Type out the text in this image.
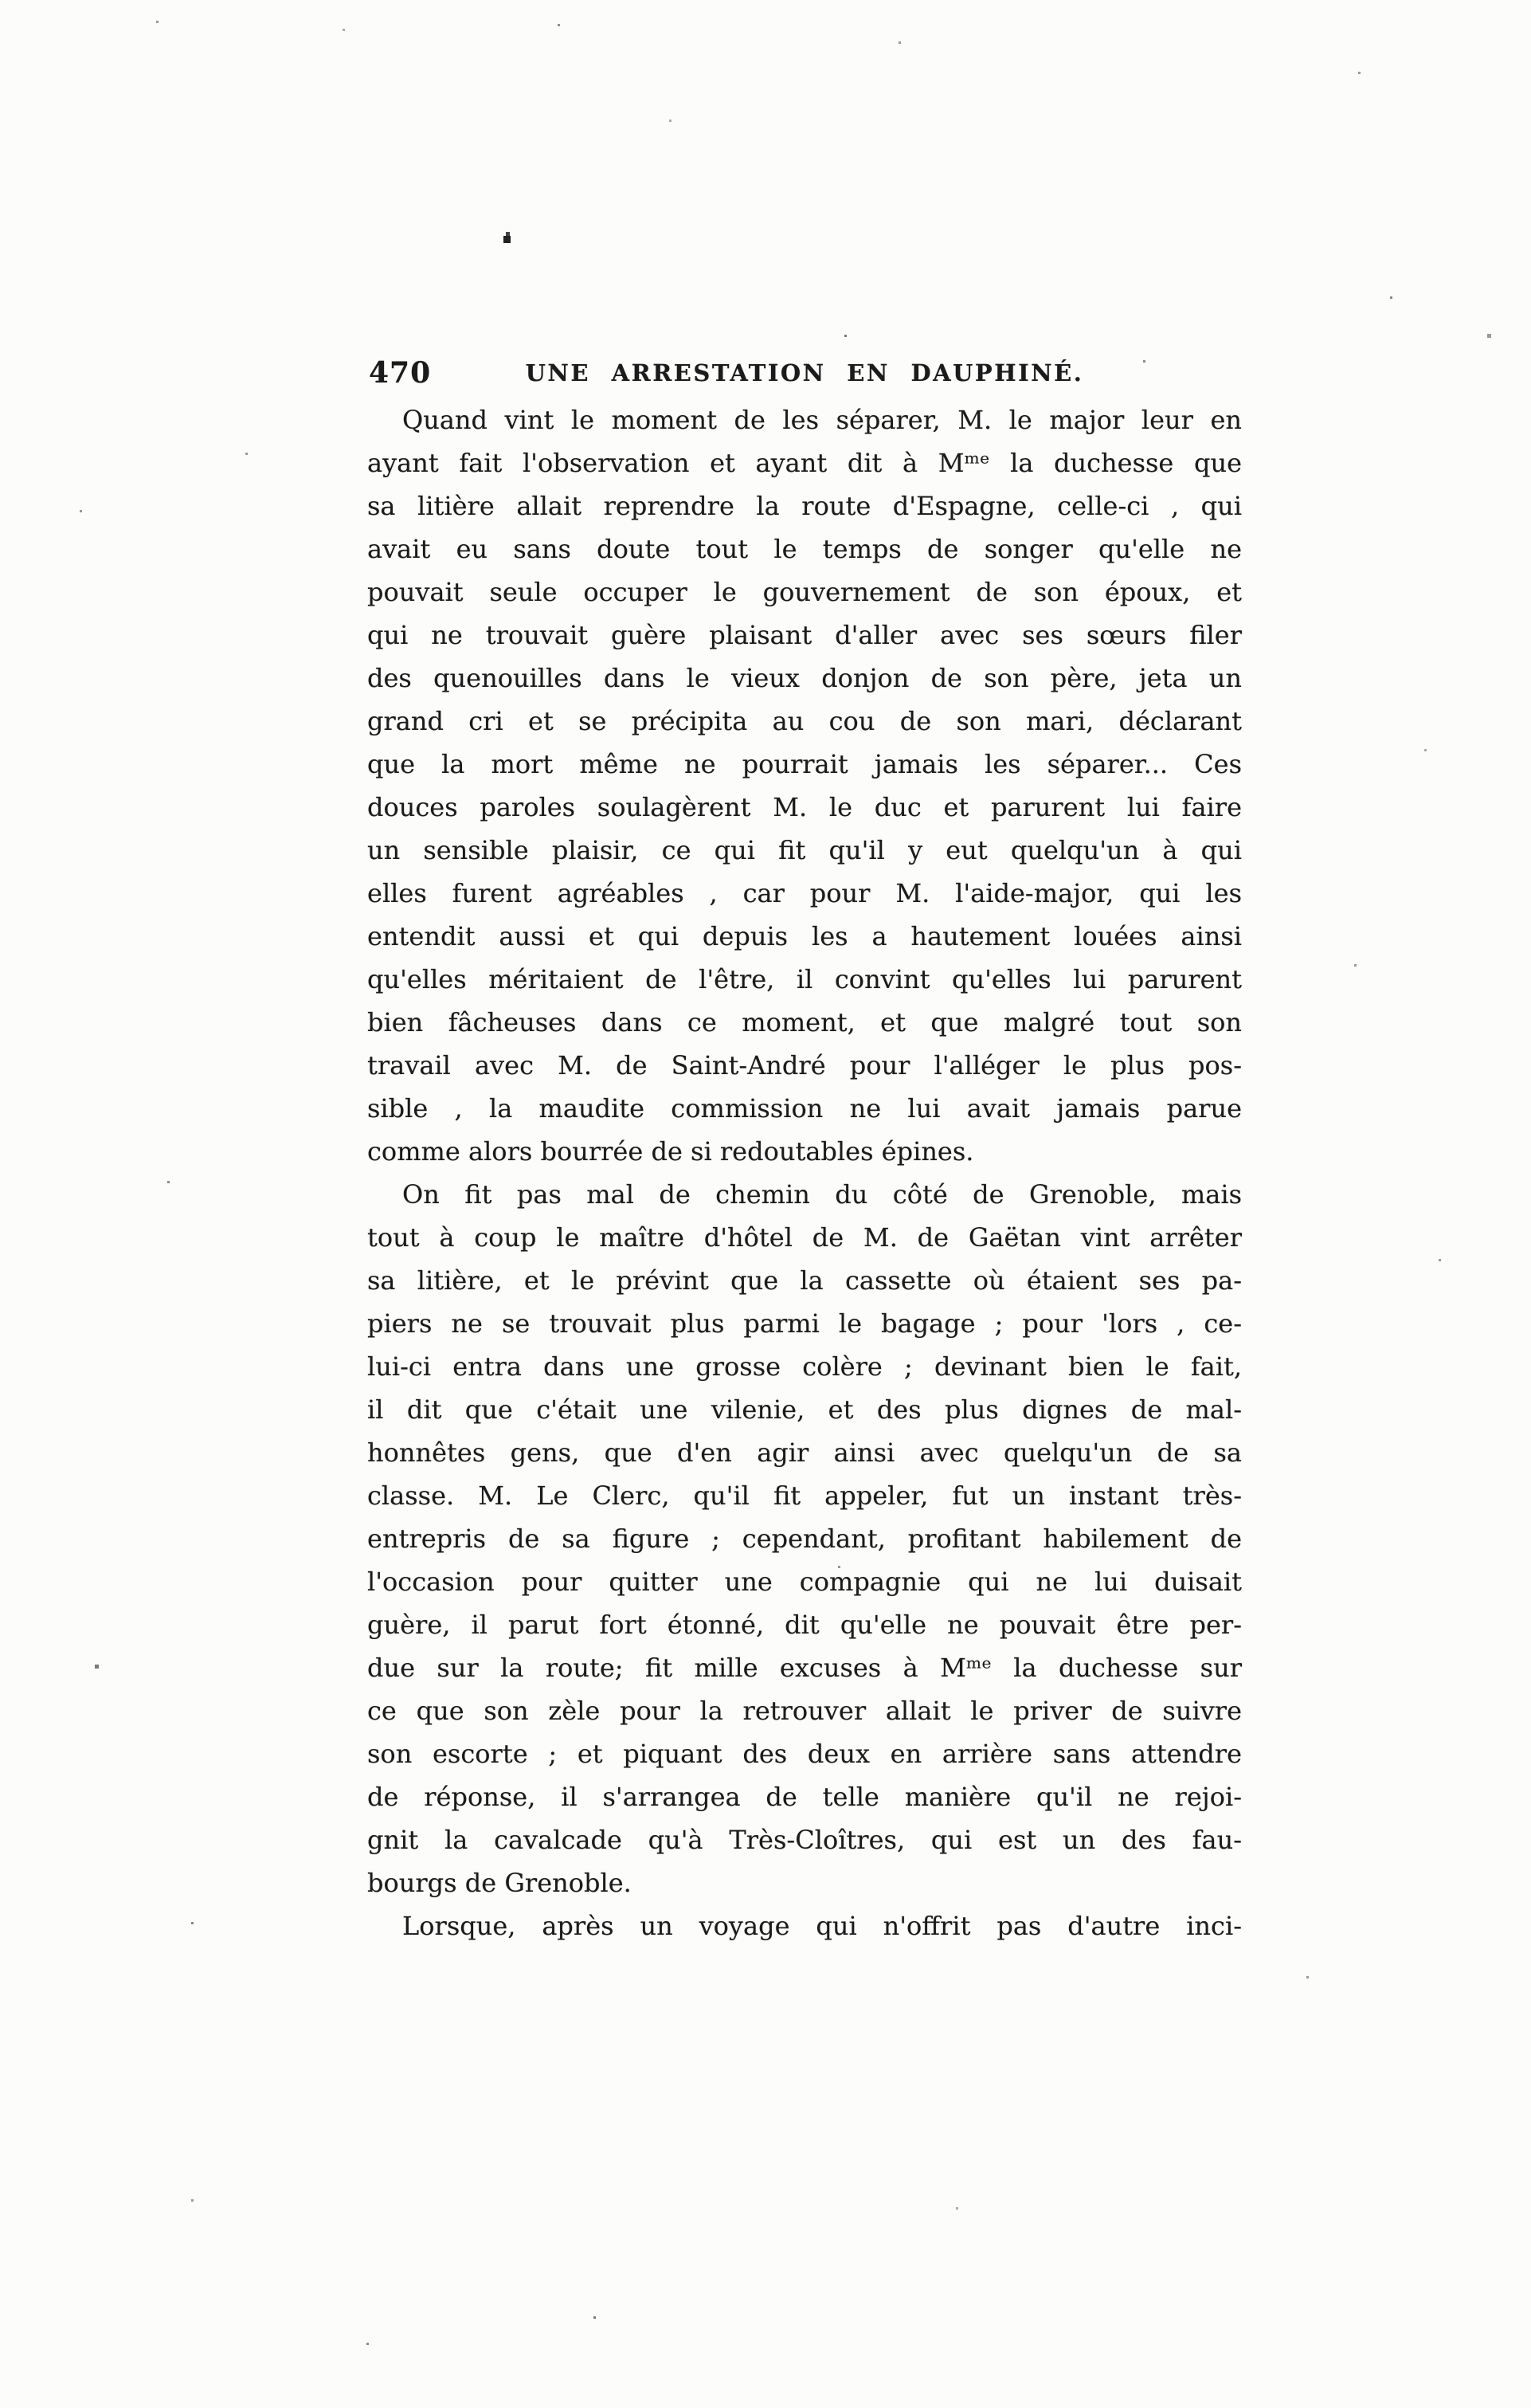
470	UNE ARRESTATION EN DAUPHINÉ.
Quand vint le moment de les séparer, M. le major leur en
ayant fait l'observation et ayant dit à Mᵐᵉ la duchesse que
sa litière allait reprendre la route d'Espagne, celle-ci , qui
avait eu sans doute tout le temps de songer qu'elle ne
pouvait seule occuper le gouvernement de son époux, et
qui ne trouvait guère plaisant d'aller avec ses sœurs filer
des quenouilles dans le vieux donjon de son père, jeta un
grand cri et se précipita au cou de son mari, déclarant
que la mort même ne pourrait jamais les séparer... Ces
douces paroles soulagèrent M. le duc et parurent lui faire
un sensible plaisir, ce qui fit qu'il y eut quelqu'un à qui
elles furent agréables , car pour M. l'aide-major, qui les
entendit aussi et qui depuis les a hautement louées ainsi
qu'elles méritaient de l'être, il convint qu'elles lui parurent
bien fâcheuses dans ce moment, et que malgré tout son
travail avec M. de Saint-André pour l'alléger le plus pos-
sible , la maudite commission ne lui avait jamais parue
comme alors bourrée de si redoutables épines.
On fit pas mal de chemin du côté de Grenoble, mais
tout à coup le maître d'hôtel de M. de Gaëtan vint arrêter
sa litière, et le prévint que la cassette où étaient ses pa-
piers ne se trouvait plus parmi le bagage ; pour 'lors , ce-
lui-ci entra dans une grosse colère ; devinant bien le fait,
il dit que c'était une vilenie, et des plus dignes de mal-
honnêtes gens, que d'en agir ainsi avec quelqu'un de sa
classe. M. Le Clerc, qu'il fit appeler, fut un instant très-
entrepris de sa figure ; cependant, profitant habilement de
l'occasion pour quitter une compagnie qui ne lui duisait
guère, il parut fort étonné, dit qu'elle ne pouvait être per-
due sur la route; fit mille excuses à Mᵐᵉ la duchesse sur
ce que son zèle pour la retrouver allait le priver de suivre
son escorte ; et piquant des deux en arrière sans attendre
de réponse, il s'arrangea de telle manière qu'il ne rejoi-
gnit la cavalcade qu'à Très-Cloîtres, qui est un des fau-
bourgs de Grenoble.
Lorsque, après un voyage qui n'offrit pas d'autre inci-
